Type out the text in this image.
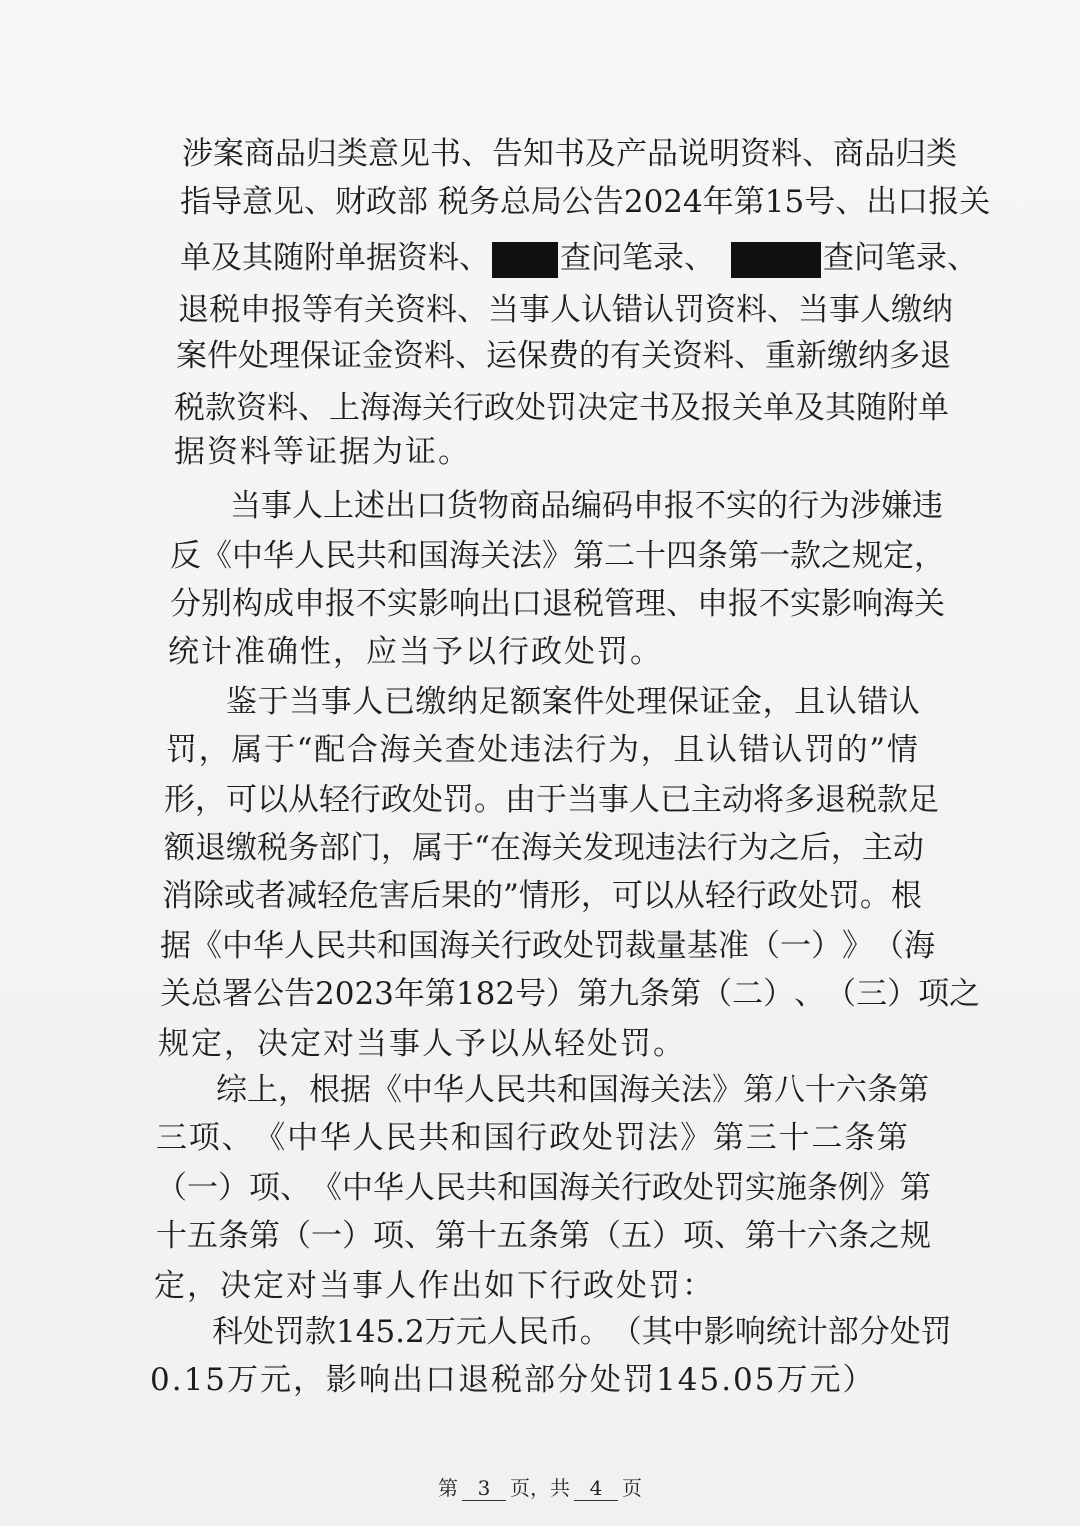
涉 案 商 品 归 类 意 见 书 、 告 知 书 及 产 品 说 明 资 料 、 商 品 归 类
指 导 意 见 、 财 政 部
税 务 总 局 公 告 2024 年 第 15 号 、 出 口 报 关
单及其随附单据资料、 查问笔录、	查问笔录、
退 税 申 报 等 有 关 资 料 、 当 事 人 认 错 认 罚 资 料 、 当 事 人 缴 纳
案 件 处 理 保 证 金 资 料 、 运 保 费 的 有 关 资 料 、 重 新 缴 纳 多 退
税 款 资 料 、 上 海 海 关 行 政 处 罚 决 定 书 及 报 关 单 及 其 随 附 单
据资料等证据为证。
当 事 人 上 述 出 口 货 物 商 品 编 码 申 报 不 实 的 行 为 涉 嫌 违
反 《 中 华 人 民 共 和 国 海 关 法 》 第 二 十 四 条 第 一 款 之 规 定 ，
分 别 构 成 申 报 不 实 影 响 出 口 退 税 管 理 、 申 报 不 实 影 响 海 关
统计准确性，应当予以行政处罚。
鉴 于 当 事 人 已 缴 纳 足 额 案 件 处 理 保 证 金 ， 且 认 错 认
罚 ， 属 于 “ 配 合 海 关 查 处 违 法 行 为 ， 且 认 错 认 罚 的 ” 情
形 ， 可 以 从 轻 行 政 处 罚 。 由 于 当 事 人 已 主 动 将 多 退 税 款 足
额 退 缴 税 务 部 门 ， 属 于 “ 在 海 关 发 现 违 法 行 为 之 后 ， 主 动
消 除 或 者 减 轻 危 害 后 果 的 ” 情 形 ， 可 以 从 轻 行 政 处 罚 。 根
据 《 中 华 人 民 共 和 国 海 关 行 政 处 罚 裁 量 基 准 （ 一 ） 》 （ 海
关 总 署 公 告 2023 年 第 182 号 ） 第 九 条 第 （ 二 ） 、 （ 三 ） 项 之
规定，决定对当事人予以从轻处罚。
综 上 ， 根 据 《 中 华 人 民 共 和 国 海 关 法 》 第 八 十 六 条 第
三 项 、 《 中 华 人 民 共 和 国 行 政 处 罚 法 》 第 三 十 二 条 第
（ 一 ） 项 、 《 中 华 人 民 共 和 国 海 关 行 政 处 罚 实 施 条 例 》 第
十 五 条 第 （ 一 ） 项 、 第 十 五 条 第 （ 五 ） 项 、 第 十 六 条 之 规
定，决定对当事人作出如下行政处罚：
科 处 罚 款 145.2 万 元 人 民 币 。 （ 其 中 影 响 统 计 部 分 处 罚
0.15万元，影响出口退税部分处罚145.05万元）
第 3 页，共 4 页
